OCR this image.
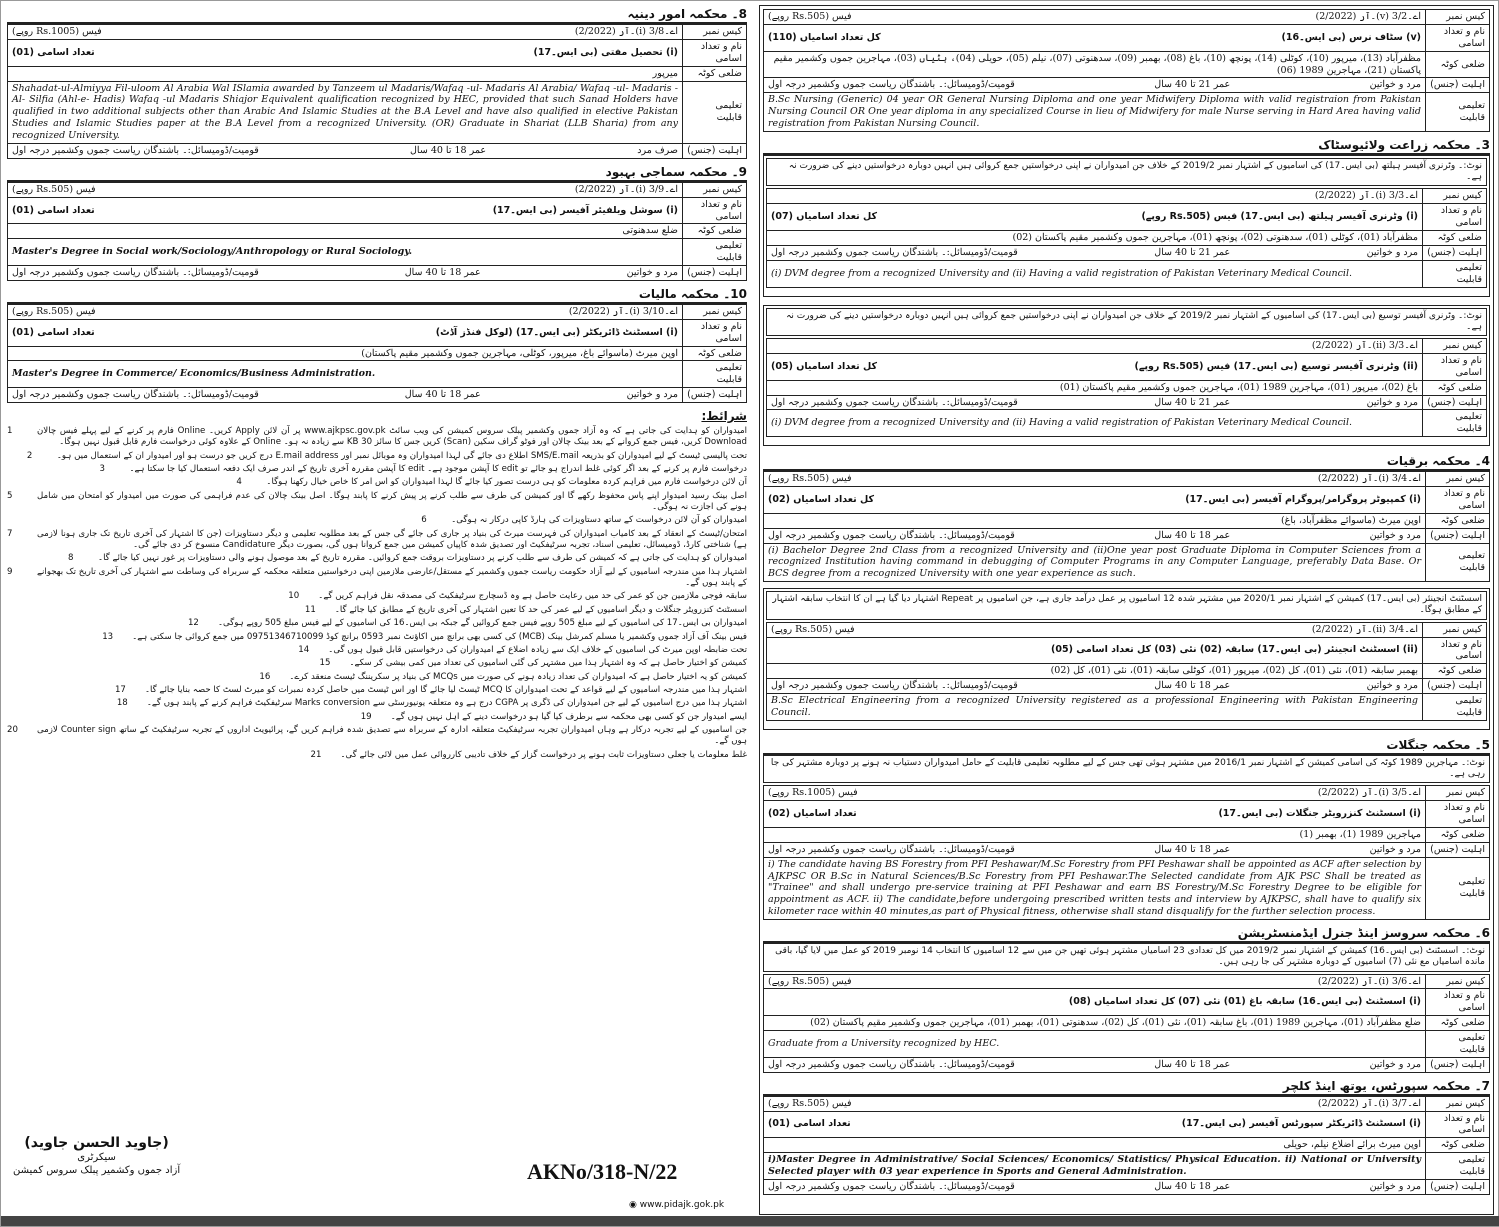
8۔ محکمہ امور دینیہ
کیس نمبر	اے۔3/8 (i)۔آر (2/2022)
فیس (Rs.1005 روپے)

نام و تعداد اسامی	(i) تحصیل مفتی (بی ایس۔17)
تعداد اسامی (01)

ضلعی کوٹہ	میرپور
تعلیمی قابلیت	Shahadat-ul-Almiyya Fil-uloom Al Arabia Wal ISlamia awarded by Tanzeem ul Madaris/Wafaq -ul- Madaris Al Arabia/ Wafaq -ul- Madaris -Al- Silfia (Ahl-e- Hadis) Wafaq -ul Madaris Shiajor Equivalent qualification recognized by HEC, provided that such Sanad Holders have qualified in two additional subjects other than Arabic And Islamic Studies at the B.A Level and have also qualified in elective Pakistan Studies and Islamic Studies paper at the B.A Level from a recognized University. (OR) Graduate in Shariat (LLB Sharia) from any recognized University.
اہلیت (جنس)	صرف مرد
عمر 18 تا 40 سال
قومیت/ڈومیسائل:۔ باشندگان ریاست جموں وکشمیر درجہ اول
9۔ محکمہ سماجی بہبود
کیس نمبر	اے۔3/9 (i)۔آر (2/2022)
فیس (Rs.505 روپے)

نام و تعداد اسامی	(i) سوشل ویلفیئر آفیسر (بی ایس۔17)
تعداد اسامی (01)

ضلعی کوٹہ	ضلع سدھنوتی
تعلیمی قابلیت	Master's Degree in Social work/Sociology/Anthropology or Rural Sociology.
اہلیت (جنس)	مرد و خواتین
عمر 18 تا 40 سال
قومیت/ڈومیسائل:۔ باشندگان ریاست جموں وکشمیر درجہ اول
10۔ محکمہ مالیات
کیس نمبر	اے۔3/10 (i)۔آر (2/2022)
فیس (Rs.505 روپے)

نام و تعداد اسامی	(i) اسسٹنٹ ڈائریکٹر (بی ایس۔17) (لوکل فنڈز آڈٹ)
تعداد اسامی (01)

ضلعی کوٹہ	اوپن میرٹ (ماسوائے باغ، میرپور، کوٹلی، مہاجرین جموں وکشمیر مقیم پاکستان)
تعلیمی قابلیت	Master's Degree in Commerce/ Economics/Business Administration.
اہلیت (جنس)	مرد و خواتین
عمر 18 تا 40 سال
قومیت/ڈومیسائل:۔ باشندگان ریاست جموں وکشمیر درجہ اول
شرائط:
امیدواران کو ہدایت کی جاتی ہے کہ وہ آزاد جموں وکشمیر پبلک سروس کمیشن کی ویب سائٹ www.ajkpsc.gov.pk پر آن لائن Apply کریں۔ Online فارم پر کرنے کے لیے پہلے فیس چالان Download کریں، فیس جمع کروانے کے بعد بینک چالان اور فوٹو گراف سکین (Scan) کریں جس کا سائز 30 KB سے زیادہ نہ ہو۔ Online کے علاوہ کوئی درخواست فارم قابل قبول نہیں ہوگا۔
1
تحت پالیسی ٹیسٹ کے لیے امیدواران کو بذریعہ SMS/E.mail اطلاع دی جائے گی لہذا امیدواران وہ موبائل نمبر اور E.mail address درج کریں جو درست ہو اور امیدوار ان کے استعمال میں ہو۔
2
درخواست فارم پر کرنے کے بعد اگر کوئی غلط اندراج ہو جائے تو edit کا آپشن موجود ہے۔ edit کا آپشن مقررہ آخری تاریخ کے اندر صرف ایک دفعہ استعمال کیا جا سکتا ہے۔
3
آن لائن درخواست فارم میں فراہم کردہ معلومات کو ہی درست تصور کیا جائے گا لہذا امیدواران کو اس امر کا خاص خیال رکھنا ہوگا۔
4
اصل بینک رسید امیدوار اپنے پاس محفوظ رکھے گا اور کمیشن کی طرف سے طلب کرنے پر پیش کرنے کا پابند ہوگا۔ اصل بینک چالان کی عدم فراہمی کی صورت میں امیدوار کو امتحان میں شامل ہونے کی اجازت نہ ہوگی۔
5
امیدواران کو آن لائن درخواست کے ساتھ دستاویزات کی ہارڈ کاپی درکار نہ ہوگی۔
6
امتحان/ٹیسٹ کے انعقاد کے بعد کامیاب امیدواران کی فہرست میرٹ کی بنیاد پر جاری کی جائے گی جس کے بعد مطلوبہ تعلیمی و دیگر دستاویزات (جن کا اشتہار کی آخری تاریخ تک جاری ہونا لازمی ہے) شناختی کارڈ، ڈومیسائل، تعلیمی اسناد، تجربہ سرٹیفکیٹ اور تصدیق شدہ کاپیاں کمیشن میں جمع کروانا ہوں گی، بصورت دیگر Candidature منسوخ کر دی جائے گی۔
7
امیدواران کو ہدایت کی جاتی ہے کہ کمیشن کی طرف سے طلب کرنے پر دستاویزات بروقت جمع کروائیں۔ مقررہ تاریخ کے بعد موصول ہونے والی دستاویزات پر غور نہیں کیا جائے گا۔
8
اشتہار ہذا میں مندرجہ اسامیوں کے لیے آزاد حکومت ریاست جموں وکشمیر کے مستقل/عارضی ملازمین اپنی درخواستیں متعلقہ محکمہ کے سربراہ کی وساطت سے اشتہار کی آخری تاریخ تک بھجوانے کے پابند ہوں گے۔
9
سابقہ فوجی ملازمین جن کو عمر کی حد میں رعایت حاصل ہے وہ ڈسچارج سرٹیفکیٹ کی مصدقہ نقل فراہم کریں گے۔
10
اسسٹنٹ کنزرویٹر جنگلات و دیگر اسامیوں کے لیے عمر کی حد کا تعین اشتہار کی آخری تاریخ کے مطابق کیا جائے گا۔
11
امیدواران بی ایس۔17 کی اسامیوں کے لیے مبلغ 505 روپے فیس جمع کروائیں گے جبکہ بی ایس۔16 کی اسامیوں کے لیے فیس مبلغ 505 روپے ہوگی۔
12
فیس بینک آف آزاد جموں وکشمیر یا مسلم کمرشل بینک (MCB) کی کسی بھی برانچ میں اکاؤنٹ نمبر 0593 برانچ کوڈ 09751346710099 میں جمع کروائی جا سکتی ہے۔
13
تحت ضابطہ اوپن میرٹ کی اسامیوں کے خلاف ایک سے زیادہ اضلاع کے امیدواران کی درخواستیں قابل قبول ہوں گی۔
14
کمیشن کو اختیار حاصل ہے کہ وہ اشتہار ہذا میں مشتہر کی گئی اسامیوں کی تعداد میں کمی بیشی کر سکے۔
15
کمیشن کو یہ اختیار حاصل ہے کہ امیدواران کی تعداد زیادہ ہونے کی صورت میں MCQs کی بنیاد پر سکریننگ ٹیسٹ منعقد کرے۔
16
اشتہار ہذا میں مندرجہ اسامیوں کے لیے قواعد کے تحت امیدواران کا MCQ ٹیسٹ لیا جائے گا اور اس ٹیسٹ میں حاصل کردہ نمبرات کو میرٹ لسٹ کا حصہ بنایا جائے گا۔
17
اشتہار ہذا میں درج اسامیوں کے لیے جن امیدواران کی ڈگری پر CGPA درج ہے وہ متعلقہ یونیورسٹی سے Marks conversion سرٹیفکیٹ فراہم کرنے کے پابند ہوں گے۔
18
ایسے امیدوار جن کو کسی بھی محکمہ سے برطرف کیا گیا ہو درخواست دینے کے اہل نہیں ہوں گے۔
19
جن اسامیوں کے لیے تجربہ درکار ہے وہاں امیدواران تجربہ سرٹیفکیٹ متعلقہ ادارہ کے سربراہ سے تصدیق شدہ فراہم کریں گے، پرائیویٹ اداروں کے تجربہ سرٹیفکیٹ کے ساتھ Counter sign لازمی ہوں گے۔
20
غلط معلومات یا جعلی دستاویزات ثابت ہونے پر درخواست گزار کے خلاف تادیبی کارروائی عمل میں لائی جائے گی۔
21
(جاوید الحسن جاوید)
سیکرٹری
آزاد جموں وکشمیر پبلک سروس کمیشن	AKNo/318-N/22
◉ www.pidajk.gok.pk
کیس نمبر	اے۔3/2 (v)۔آر (2/2022)
فیس (Rs.505 روپے)

نام و تعداد اسامی	(v) سٹاف نرس (بی ایس۔16)
کل تعداد اسامیاں (110)

ضلعی کوٹہ	مظفرآباد (13)، میرپور (10)، کوٹلی (14)، پونچھ (10)، باغ (08)، بھمبر (09)، سدھنوتی (07)، نیلم (05)، حویلی (04)، ہٹیاں (03)، مہاجرین جموں وکشمیر مقیم پاکستان (21)، مہاجرین 1989 (06)
اہلیت (جنس)	مرد و خواتین
عمر 21 تا 40 سال
قومیت/ڈومیسائل:۔ باشندگان ریاست جموں وکشمیر درجہ اول

تعلیمی قابلیت	B.Sc Nursing (Generic) 04 year OR General Nursing Diploma and one year Midwifery Diploma with valid registraion from Pakistan Nursing Council OR One year diploma in any specialized Course in lieu of Midwifery for male Nurse serving in Hard Area having valid registration from Pakistan Nursing Council.
3۔ محکمہ زراعت ولائیوسٹاک
نوٹ:۔ وٹرنری آفیسر ہیلتھ (بی ایس۔17) کی اسامیوں کے اشتہار نمبر 2019/2 کے خلاف جن امیدواران نے اپنی درخواستیں جمع کروائی ہیں انہیں دوبارہ درخواستیں دینے کی ضرورت نہ ہے۔
کیس نمبر	اے۔3/3 (i)۔آر (2/2022)
نام و تعداد اسامی	(i) وٹرنری آفیسر ہیلتھ (بی ایس۔17) فیس (Rs.505 روپے)
کل تعداد اسامیاں (07)

ضلعی کوٹہ	مظفرآباد (01)، کوٹلی (01)، سدھنوتی (02)، پونچھ (01)، مہاجرین جموں وکشمیر مقیم پاکستان (02)
اہلیت (جنس)	مرد و خواتین
عمر 21 تا 40 سال
قومیت/ڈومیسائل:۔ باشندگان ریاست جموں وکشمیر درجہ اول

تعلیمی قابلیت	(i) DVM degree from a recognized University and (ii) Having a valid registration of Pakistan Veterinary Medical Council.
نوٹ:۔ وٹرنری آفیسر توسیع (بی ایس۔17) کی اسامیوں کے اشتہار نمبر 2019/2 کے خلاف جن امیدواران نے اپنی درخواستیں جمع کروائی ہیں انہیں دوبارہ درخواستیں دینے کی ضرورت نہ ہے۔
کیس نمبر	اے۔3/3 (ii)۔آر (2/2022)
نام و تعداد اسامی	(ii) وٹرنری آفیسر توسیع (بی ایس۔17) فیس (Rs.505 روپے)
کل تعداد اسامیاں (05)

ضلعی کوٹہ	باغ (02)، میرپور (01)، مہاجرین 1989 (01)، مہاجرین جموں وکشمیر مقیم پاکستان (01)
اہلیت (جنس)	مرد و خواتین
عمر 21 تا 40 سال
قومیت/ڈومیسائل:۔ باشندگان ریاست جموں وکشمیر درجہ اول

تعلیمی قابلیت	(i) DVM degree from a recognized University and (ii) Having a valid registration of Pakistan Veterinary Medical Council.
4۔ محکمہ برقیات
کیس نمبر	اے۔3/4 (i)۔آر (2/2022)
فیس (Rs.505 روپے)

نام و تعداد اسامی	(i) کمپیوٹر پروگرامر/پروگرام آفیسر (بی ایس۔17)
کل تعداد اسامیاں (02)

ضلعی کوٹہ	اوپن میرٹ (ماسوائے مظفرآباد، باغ)
اہلیت (جنس)	مرد و خواتین
عمر 18 تا 40 سال
قومیت/ڈومیسائل:۔ باشندگان ریاست جموں وکشمیر درجہ اول

تعلیمی قابلیت	(i) Bachelor Degree 2nd Class from a recognized University and (ii)One year post Graduate Diploma in Computer Sciences from a recognized Institution having command in debugging of Computer Programs in any Computer Language, preferably Data Base. Or BCS degree from a recognized University with one year experience as such.
اسسٹنٹ انجینئر (بی ایس۔17) کمیشن کے اشتہار نمبر 2020/1 میں مشتہر شدہ 12 اسامیوں پر عمل درآمد جاری ہے، جن اسامیوں پر Repeat اشتہار دیا گیا ہے ان کا انتخاب سابقہ اشتہار کے مطابق ہوگا۔
کیس نمبر	اے۔3/4 (ii)۔آر (2/2022)
فیس (Rs.505 روپے)

نام و تعداد اسامی	(ii) اسسٹنٹ انجینئر (بی ایس۔17) سابقہ (02) نئی (03) کل تعداد اسامی (05)
ضلعی کوٹہ	بھمبر سابقہ (01)، نئی (01)، کل (02)، میرپور (01)، کوٹلی سابقہ (01)، نئی (01)، کل (02)
اہلیت (جنس)	مرد و خواتین
عمر 18 تا 40 سال
قومیت/ڈومیسائل:۔ باشندگان ریاست جموں وکشمیر درجہ اول

تعلیمی قابلیت	B.Sc Electrical Engineering from a recognized University registered as a professional Engineering with Pakistan Engineering Council.
5۔ محکمہ جنگلات
نوٹ:۔ مہاجرین 1989 کوٹہ کی اسامی کمیشن کے اشتہار نمبر 2016/1 میں مشتہر ہوئی تھی جس کے لیے مطلوبہ تعلیمی قابلیت کے حامل امیدواران دستیاب نہ ہونے پر دوبارہ مشتہر کی جا رہی ہے۔
کیس نمبر	اے۔3/5 (i)۔آر (2/2022)
فیس (Rs.1005 روپے)

نام و تعداد اسامی	(i) اسسٹنٹ کنزرویٹر جنگلات (بی ایس۔17)
تعداد اسامیاں (02)

ضلعی کوٹہ	مہاجرین 1989 (1)، بھمبر (1)
اہلیت (جنس)	مرد و خواتین
عمر 18 تا 40 سال
قومیت/ڈومیسائل:۔ باشندگان ریاست جموں وکشمیر درجہ اول

تعلیمی قابلیت	i) The candidate having BS Forestry from PFI Peshawar/M.Sc Forestry from PFI Peshawar shall be appointed as ACF after selection by AJKPSC OR B.Sc in Natural Sciences/B.Sc Forestry from PFI Peshawar.The Selected candidate from AJK PSC Shall be treated as "Trainee" and shall undergo pre-service training at PFI Peshawar and earn BS Forestry/M.Sc Forestry Degree to be eligible for appointment as ACF. ii) The candidate,before undergoing prescribed written tests and interview by AJKPSC, shall have to qualify six kilometer race within 40 minutes,as part of Physical fitness, otherwise shall stand disqualify for the further selection process.
6۔ محکمہ سروسز اینڈ جنرل ایڈمنسٹریشن
نوٹ:۔ اسسٹنٹ (بی ایس۔16) کمیشن کے اشتہار نمبر 2019/2 میں کل تعدادی 23 اسامیاں مشتہر ہوئی تھیں جن میں سے 12 اسامیوں کا انتخاب 14 نومبر 2019 کو عمل میں لایا گیا، باقی ماندہ اسامیاں مع نئی (7) اسامیوں کے دوبارہ مشتہر کی جا رہی ہیں۔
کیس نمبر	اے۔3/6 (i)۔آر (2/2022)
فیس (Rs.505 روپے)

نام و تعداد اسامی	(i) اسسٹنٹ (بی ایس۔16) سابقہ باغ (01) نئی (07) کل تعداد اسامیاں (08)
ضلعی کوٹہ	ضلع مظفرآباد (01)، مہاجرین 1989 (01)، باغ سابقہ (01)، نئی (01)، کل (02)، سدھنوتی (01)، بھمبر (01)، مہاجرین جموں وکشمیر مقیم پاکستان (02)
تعلیمی قابلیت	Graduate from a University recognized by HEC.
اہلیت (جنس)	مرد و خواتین
عمر 18 تا 40 سال
قومیت/ڈومیسائل:۔ باشندگان ریاست جموں وکشمیر درجہ اول
7۔ محکمہ سپورٹس، یوتھ اینڈ کلچر
کیس نمبر	اے۔3/7 (i)۔آر (2/2022)
فیس (Rs.505 روپے)

نام و تعداد اسامی	(i) اسسٹنٹ ڈائریکٹر سپورٹس آفیسر (بی ایس۔17)
تعداد اسامی (01)

ضلعی کوٹہ	اوپن میرٹ برائے اضلاع نیلم، حویلی
تعلیمی قابلیت	i)Master Degree in Administrative/ Social Sciences/ Economics/ Statistics/ Physical Education. ii) National or University Selected player with 03 year experience in Sports and General Administration.
اہلیت (جنس)	مرد و خواتین
عمر 18 تا 40 سال
قومیت/ڈومیسائل:۔ باشندگان ریاست جموں وکشمیر درجہ اول
